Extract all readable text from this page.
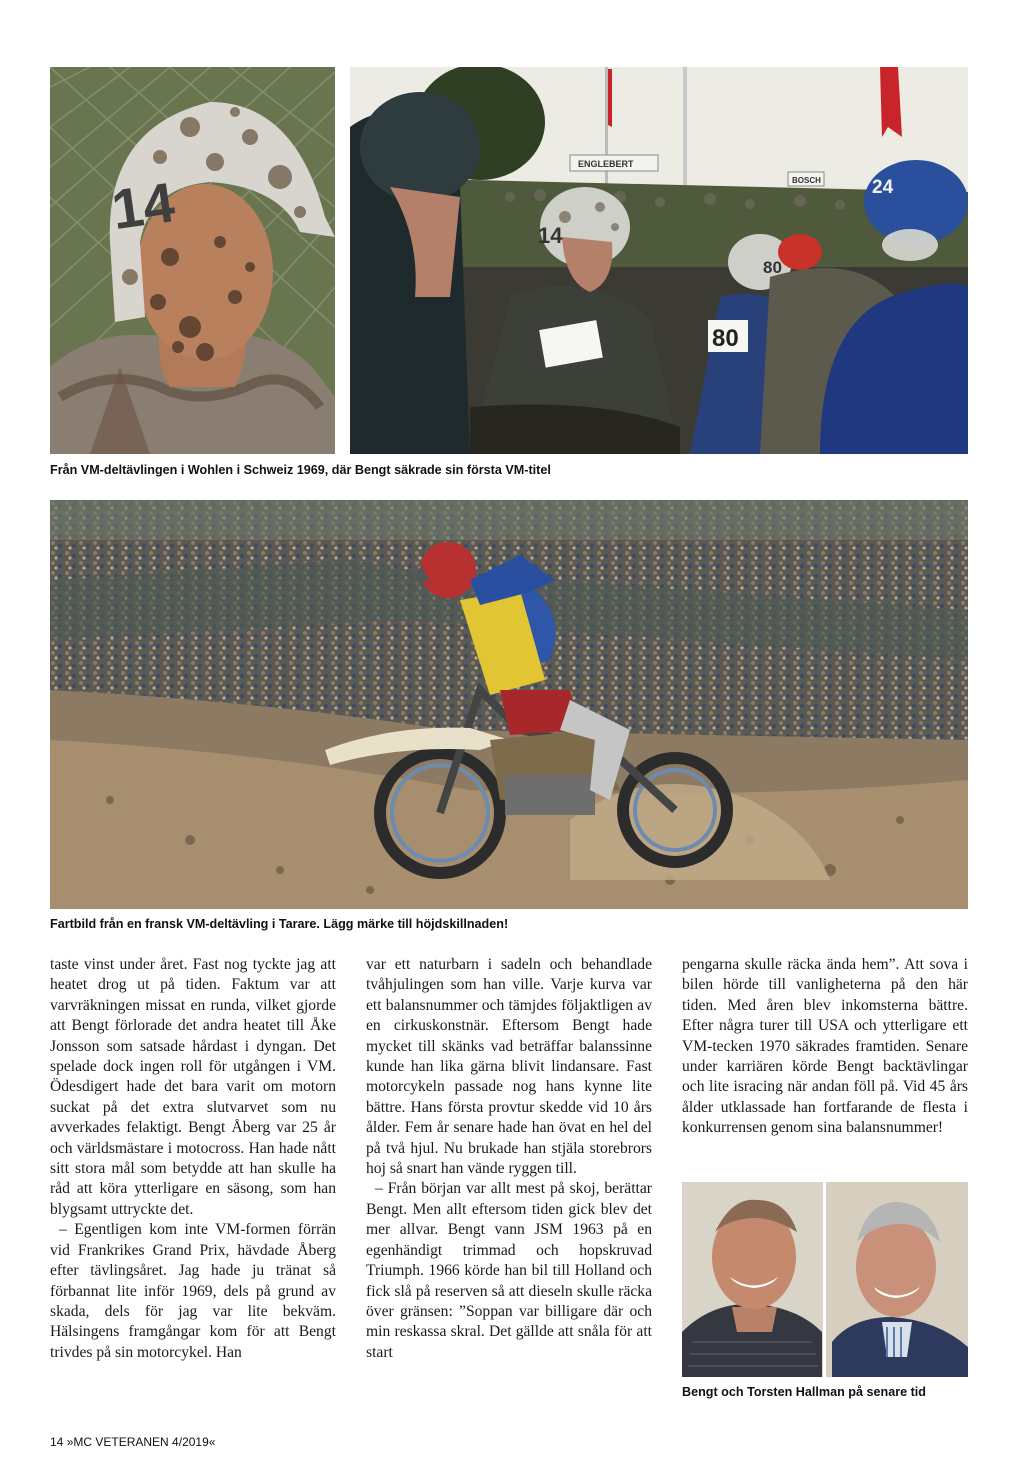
14
ENGLEBERT
BOSCH
14
80
80
24
Från VM-deltävlingen i Wohlen i Schweiz 1969, där Bengt säkrade sin första VM-titel
Fartbild från en fransk VM-deltävling i Tarare. Lägg märke till höjdskillnaden!

taste vinst under året. Fast nog tyckte jag att heatet drog ut på tiden. Faktum var att varvräkningen missat en runda, vilket gjorde att Bengt förlorade det andra heatet till Åke Jonsson som satsade hårdast i dyngan. Det spelade dock ingen roll för utgången i VM. Ödesdigert hade det bara varit om motorn suckat på det extra slutvarvet som nu avverkades felaktigt. Bengt Åberg var 25 år och världsmästare i motocross. Han hade nått sitt stora mål som betydde att han skulle ha råd att köra ytterligare en säsong, som han blygsamt uttryckte det.

– Egentligen kom inte VM-formen förrän vid Frankrikes Grand Prix, hävdade Åberg efter tävlingsåret. Jag hade ju tränat så förbannat lite inför 1969, dels på grund av skada, dels för jag var lite bekväm. Hälsingens framgångar kom för att Bengt trivdes på sin motorcykel. Han

var ett naturbarn i sadeln och behandlade tvåhjulingen som han ville. Varje kurva var ett balansnummer och tämjdes följaktligen av en cirkuskonstnär. Eftersom Bengt hade mycket till skänks vad beträffar balanssinne kunde han lika gärna blivit lindansare. Fast motorcykeln passade nog hans kynne lite bättre. Hans första provtur skedde vid 10 års ålder. Fem år senare hade han övat en hel del på två hjul. Nu brukade han stjäla storebrors hoj så snart han vände ryggen till.

– Från början var allt mest på skoj, berättar Bengt. Men allt eftersom tiden gick blev det mer allvar. Bengt vann JSM 1963 på en egenhändigt trimmad och hopskruvad Triumph. 1966 körde han bil till Holland och fick slå på reserven så att dieseln skulle räcka över gränsen: ”Soppan var billigare där och min reskassa skral. Det gällde att snåla för att start

pengarna skulle räcka ända hem”. Att sova i bilen hörde till vanligheterna på den här tiden. Med åren blev inkomsterna bättre. Efter några turer till USA och ytterligare ett VM-tecken 1970 säkrades framtiden. Senare under karriären körde Bengt backtävlingar och lite isracing när andan föll på. Vid 45 års ålder utklassade han fortfarande de flesta i konkurrensen genom sina balansnummer!

Bengt och Torsten Hallman på senare tid
14 »MC VETERANEN 4/2019«
